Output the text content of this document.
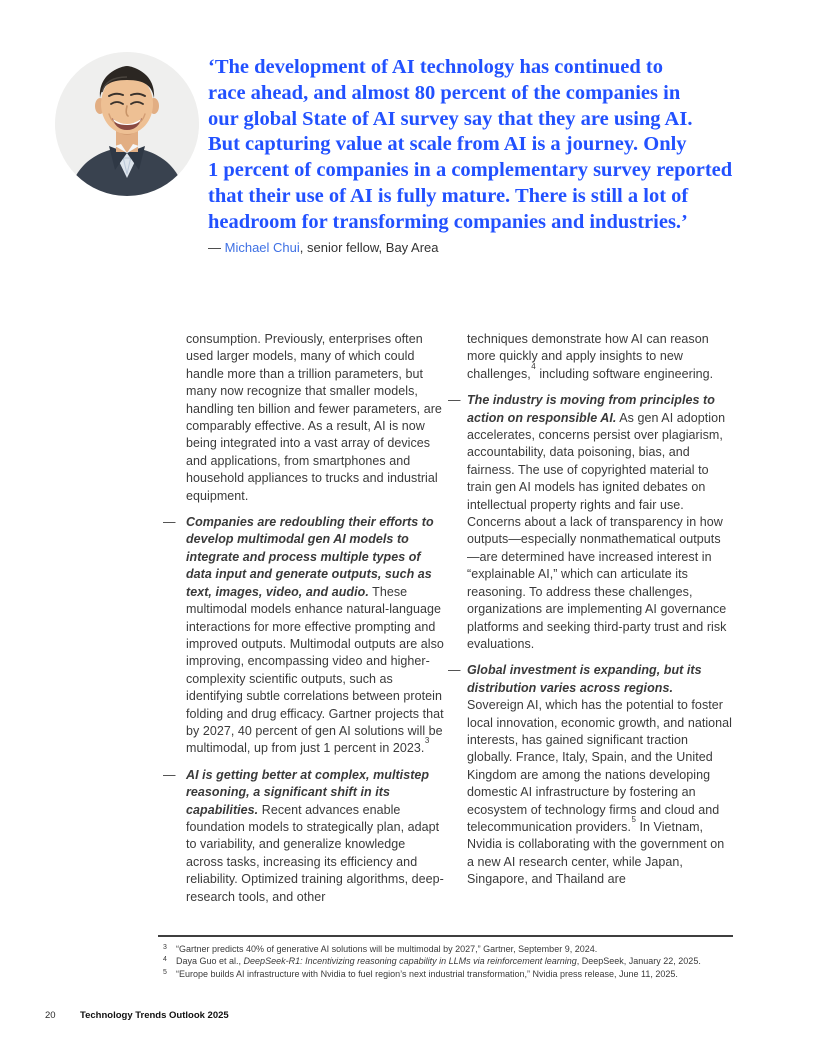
‘The development of AI technology has continued to
race ahead, and almost 80 percent of the companies in
our global State of AI survey say that they are using AI.
But capturing value at scale from AI is a journey. Only
1 percent of companies in a complementary survey reported
that their use of AI is fully mature. There is still a lot of
headroom for transforming companies and industries.’
— Michael Chui, senior fellow, Bay Area

consumption. Previously, enterprises often used larger models, many of which could handle more than a trillion parameters, but many now recognize that smaller models, handling ten billion and fewer parameters, are comparably effective. As a result, AI is now being integrated into a vast array of devices and applications, from smartphones and household appliances to trucks and industrial equipment.

— Companies are redoubling their efforts to develop multimodal gen AI models to integrate and process multiple types of data input and generate outputs, such as text, images, video, and audio. These multimodal models enhance natural-language interactions for more effective prompting and improved outputs. Multimodal outputs are also improving, encompassing video and higher-complexity scientific outputs, such as identifying subtle correlations between protein folding and drug efficacy. Gartner projects that by 2027, 40 percent of gen AI solutions will be multimodal, up from just 1 percent in 2023.$^3$
— AI is getting better at complex, multistep reasoning, a significant shift in its capabilities. Recent advances enable foundation models to strategically plan, adapt to variability, and generalize knowledge across tasks, increasing its efficiency and reliability. Optimized training algorithms, deep-research tools, and other

techniques demonstrate how AI can reason more quickly and apply insights to new challenges,$^4$ including software engineering.

— The industry is moving from principles to action on responsible AI. As gen AI adoption accelerates, concerns persist over plagiarism, accountability, data poisoning, bias, and fairness. The use of copyrighted material to train gen AI models has ignited debates on intellectual property rights and fair use. Concerns about a lack of transparency in how outputs—especially nonmathematical outputs—are determined have increased interest in “explainable AI,” which can articulate its reasoning. To address these challenges, organizations are implementing AI governance platforms and seeking third-party trust and risk evaluations.
— Global investment is expanding, but its distribution varies across regions. Sovereign AI, which has the potential to foster local innovation, economic growth, and national interests, has gained significant traction globally. France, Italy, Spain, and the United Kingdom are among the nations developing domestic AI infrastructure by fostering an ecosystem of technology firms and cloud and telecommunication providers.$^5$ In Vietnam, Nvidia is collaborating with the government on a new AI research center, while Japan, Singapore, and Thailand are
3	“Gartner predicts 40% of generative AI solutions will be multimodal by 2027,” Gartner, September 9, 2024.
4	Daya Guo et al., DeepSeek-R1: Incentivizing reasoning capability in LLMs via reinforcement learning, DeepSeek, January 22, 2025.
5	“Europe builds AI infrastructure with Nvidia to fuel region’s next industrial transformation,” Nvidia press release, June 11, 2025.
20	Technology Trends Outlook 2025
